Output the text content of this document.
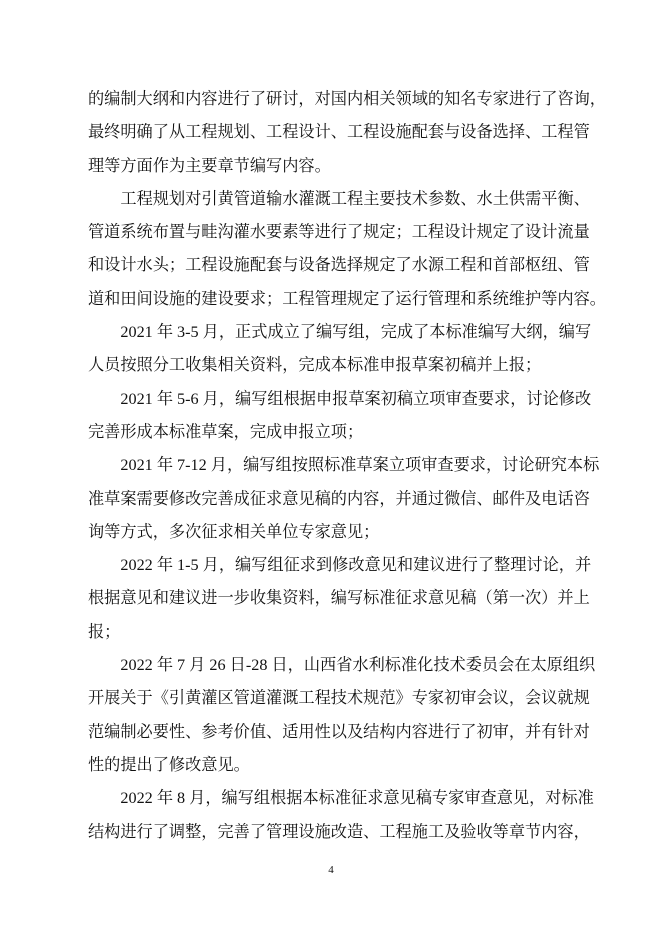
的编制大纲和内容进行了研讨，对国内相关领域的知名专家进行了咨询，
最终明确了从工程规划、工程设计、工程设施配套与设备选择、工程管
理等方面作为主要章节编写内容。
工程规划对引黄管道输水灌溉工程主要技术参数、水土供需平衡、
管道系统布置与畦沟灌水要素等进行了规定；工程设计规定了设计流量
和设计水头；工程设施配套与设备选择规定了水源工程和首部枢纽、管
道和田间设施的建设要求；工程管理规定了运行管理和系统维护等内容。
2021 年 3-5 月，正式成立了编写组，完成了本标准编写大纲，编写
人员按照分工收集相关资料，完成本标准申报草案初稿并上报；
2021 年 5-6 月，编写组根据申报草案初稿立项审查要求，讨论修改
完善形成本标准草案，完成申报立项；
2021 年 7-12 月，编写组按照标准草案立项审查要求，讨论研究本标
准草案需要修改完善成征求意见稿的内容，并通过微信、邮件及电话咨
询等方式，多次征求相关单位专家意见；
2022 年 1-5 月，编写组征求到修改意见和建议进行了整理讨论，并
根据意见和建议进一步收集资料，编写标准征求意见稿（第一次）并上
报；
2022 年 7 月 26 日-28 日，山西省水利标准化技术委员会在太原组织
开展关于《引黄灌区管道灌溉工程技术规范》专家初审会议，会议就规
范编制必要性、参考价值、适用性以及结构内容进行了初审，并有针对
性的提出了修改意见。
2022 年 8 月，编写组根据本标准征求意见稿专家审查意见，对标准
结构进行了调整，完善了管理设施改造、工程施工及验收等章节内容，
4
